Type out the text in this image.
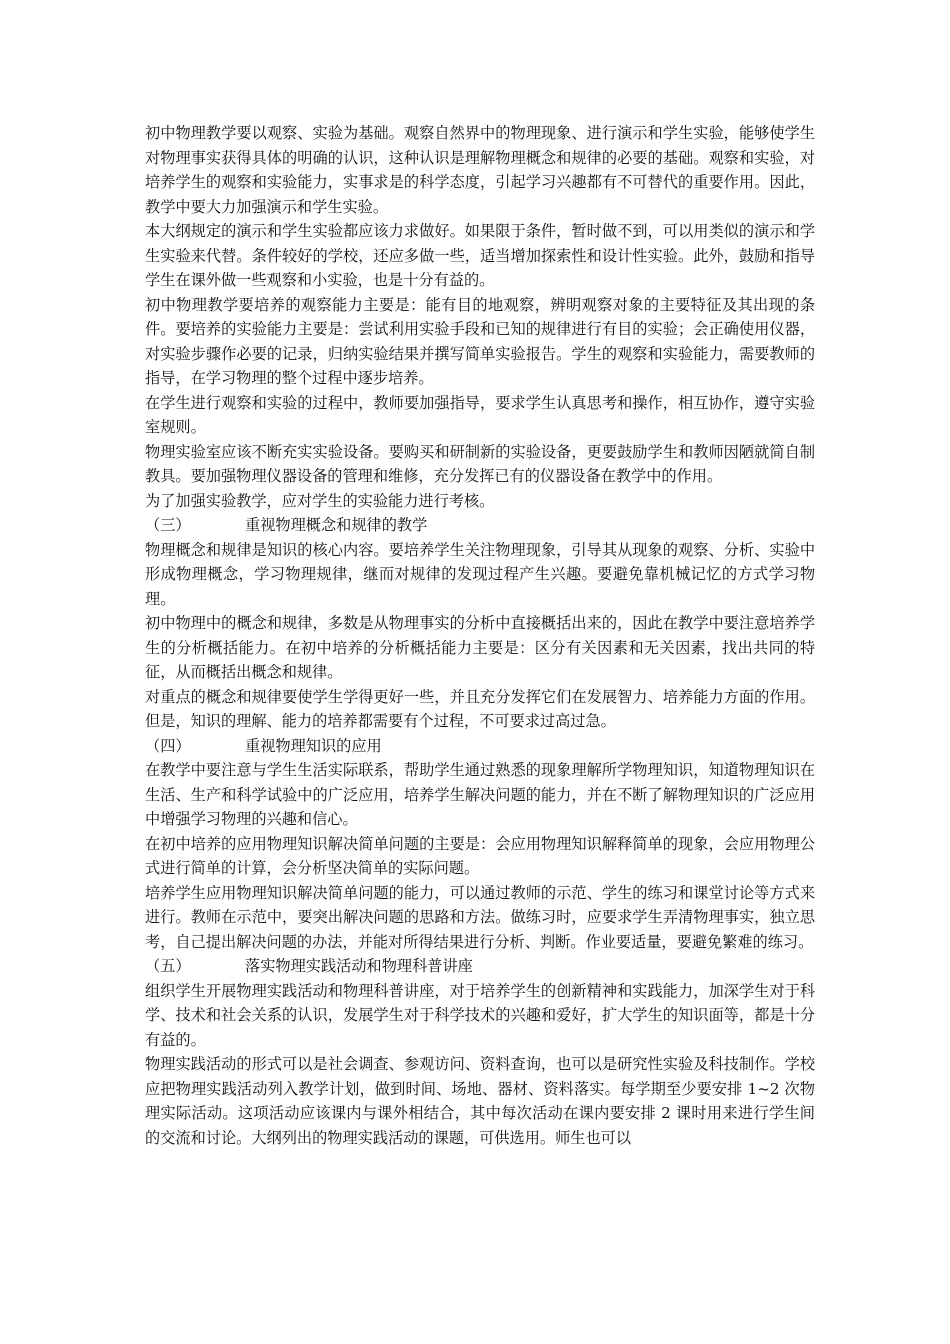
初中物理教学要以观察、实验为基础。观察自然界中的物理现象、进行演示和学生实验，能够使学生对物理事实获得具体的明确的认识，这种认识是理解物理概念和规律的必要的基础。观察和实验，对培养学生的观察和实验能力，实事求是的科学态度，引起学习兴趣都有不可替代的重要作用。因此，教学中要大力加强演示和学生实验。

本大纲规定的演示和学生实验都应该力求做好。如果限于条件，暂时做不到，可以用类似的演示和学生实验来代替。条件较好的学校，还应多做一些，适当增加探索性和设计性实验。此外，鼓励和指导学生在课外做一些观察和小实验，也是十分有益的。

初中物理教学要培养的观察能力主要是：能有目的地观察，辨明观察对象的主要特征及其出现的条件。要培养的实验能力主要是：尝试利用实验手段和已知的规律进行有目的实验；会正确使用仪器，对实验步骤作必要的记录，归纳实验结果并撰写简单实验报告。学生的观察和实验能力，需要教师的指导，在学习物理的整个过程中逐步培养。

在学生进行观察和实验的过程中，教师要加强指导，要求学生认真思考和操作，相互协作，遵守实验室规则。

物理实验室应该不断充实实验设备。要购买和研制新的实验设备，更要鼓励学生和教师因陋就简自制教具。要加强物理仪器设备的管理和维修，充分发挥已有的仪器设备在教学中的作用。

为了加强实验教学，应对学生的实验能力进行考核。

（三）	重视物理概念和规律的教学

物理概念和规律是知识的核心内容。要培养学生关注物理现象，引导其从现象的观察、分析、实验中形成物理概念，学习物理规律，继而对规律的发现过程产生兴趣。要避免靠机械记忆的方式学习物理。

初中物理中的概念和规律，多数是从物理事实的分析中直接概括出来的，因此在教学中要注意培养学生的分析概括能力。在初中培养的分析概括能力主要是：区分有关因素和无关因素，找出共同的特征，从而概括出概念和规律。

对重点的概念和规律要使学生学得更好一些，并且充分发挥它们在发展智力、培养能力方面的作用。但是，知识的理解、能力的培养都需要有个过程，不可要求过高过急。

（四）	重视物理知识的应用

在教学中要注意与学生生活实际联系，帮助学生通过熟悉的现象理解所学物理知识，知道物理知识在生活、生产和科学试验中的广泛应用，培养学生解决问题的能力，并在不断了解物理知识的广泛应用中增强学习物理的兴趣和信心。

在初中培养的应用物理知识解决简单问题的主要是：会应用物理知识解释简单的现象，会应用物理公式进行简单的计算，会分析坚决简单的实际问题。

培养学生应用物理知识解决简单问题的能力，可以通过教师的示范、学生的练习和课堂讨论等方式来进行。教师在示范中，要突出解决问题的思路和方法。做练习时，应要求学生弄清物理事实，独立思考，自己提出解决问题的办法，并能对所得结果进行分析、判断。作业要适量，要避免繁难的练习。

（五）	落实物理实践活动和物理科普讲座

组织学生开展物理实践活动和物理科普讲座，对于培养学生的创新精神和实践能力，加深学生对于科学、技术和社会关系的认识，发展学生对于科学技术的兴趣和爱好，扩大学生的知识面等，都是十分有益的。

物理实践活动的形式可以是社会调查、参观访问、资料查询，也可以是研究性实验及科技制作。学校应把物理实践活动列入教学计划，做到时间、场地、器材、资料落实。每学期至少要安排 1~2 次物理实际活动。这项活动应该课内与课外相结合，其中每次活动在课内要安排 2 课时用来进行学生间的交流和讨论。大纲列出的物理实践活动的课题，可供选用。师生也可以
